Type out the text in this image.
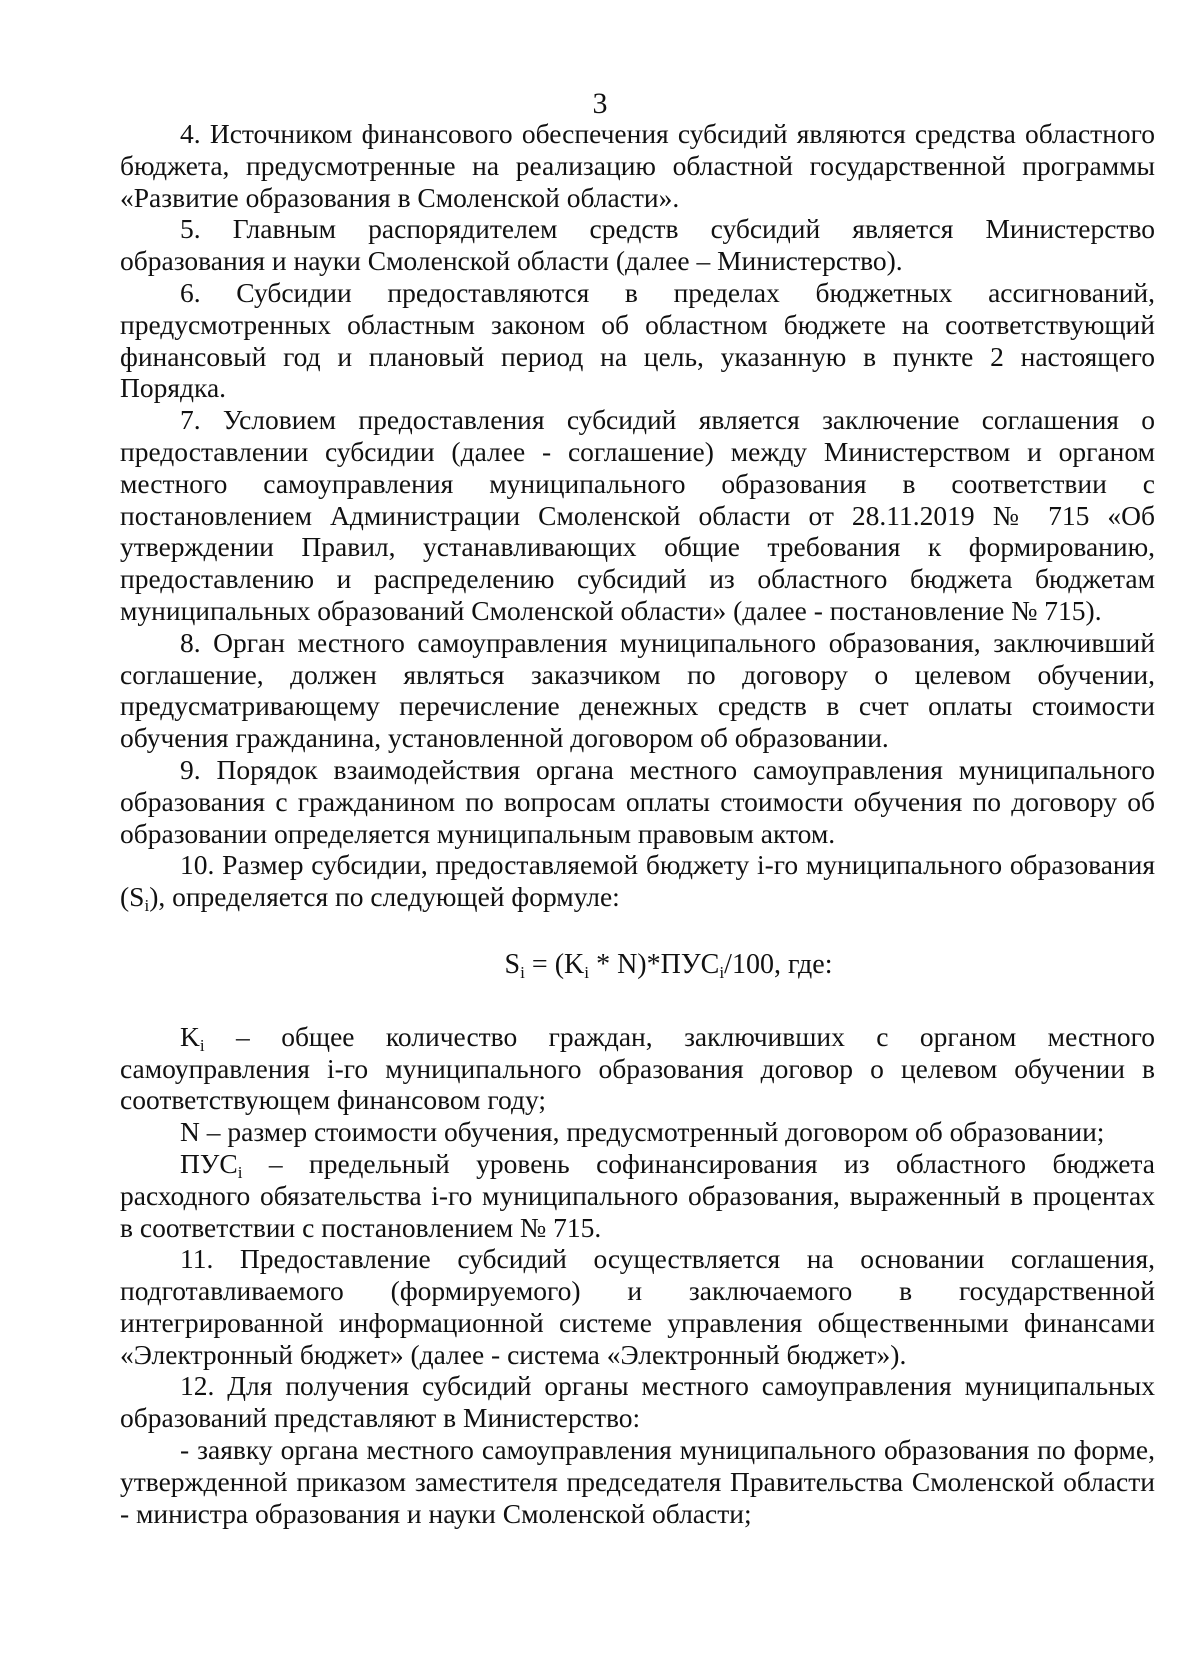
3

4. Источником финансового обеспечения субсидий являются средства областного бюджета, предусмотренные на реализацию областной государственной программы «Развитие образования в Смоленской области».

5. Главным распорядителем средств субсидий является Министерство образования и науки Смоленской области (далее – Министерство).

6. Субсидии предоставляются в пределах бюджетных ассигнований, предусмотренных областным законом об областном бюджете на соответствующий финансовый год и плановый период на цель, указанную в пункте 2 настоящего Порядка.

7. Условием предоставления субсидий является заключение соглашения о предоставлении субсидии (далее - соглашение) между Министерством и органом местного самоуправления муниципального образования в соответствии с постановлением Администрации Смоленской области от 28.11.2019 № 715 «Об утверждении Правил, устанавливающих общие требования к формированию, предоставлению и распределению субсидий из областного бюджета бюджетам муниципальных образований Смоленской области» (далее - постановление № 715).

8. Орган местного самоуправления муниципального образования, заключивший соглашение, должен являться заказчиком по договору о целевом обучении, предусматривающему перечисление денежных средств в счет оплаты стоимости обучения гражданина, установленной договором об образовании.

9. Порядок взаимодействия органа местного самоуправления муниципального образования с гражданином по вопросам оплаты стоимости обучения по договору об образовании определяется муниципальным правовым актом.

10. Размер субсидии, предоставляемой бюджету i-го муниципального образования $(S_i)$, определяется по следующей формуле:

$S_i = (K_i * N)*ПУС_i/100$, где:

$K_i$ – общее количество граждан, заключивших с органом местного самоуправления i-го муниципального образования договор о целевом обучении в соответствующем финансовом году;

N – размер стоимости обучения, предусмотренный договором об образовании;

$ПУС_i$ – предельный уровень софинансирования из областного бюджета расходного обязательства i-го муниципального образования, выраженный в процентах в соответствии с постановлением № 715.

11. Предоставление субсидий осуществляется на основании соглашения, подготавливаемого (формируемого) и заключаемого в государственной интегрированной информационной системе управления общественными финансами «Электронный бюджет» (далее - система «Электронный бюджет»).

12. Для получения субсидий органы местного самоуправления муниципальных образований представляют в Министерство:

- заявку органа местного самоуправления муниципального образования по форме, утвержденной приказом заместителя председателя Правительства Смоленской области - министра образования и науки Смоленской области;
